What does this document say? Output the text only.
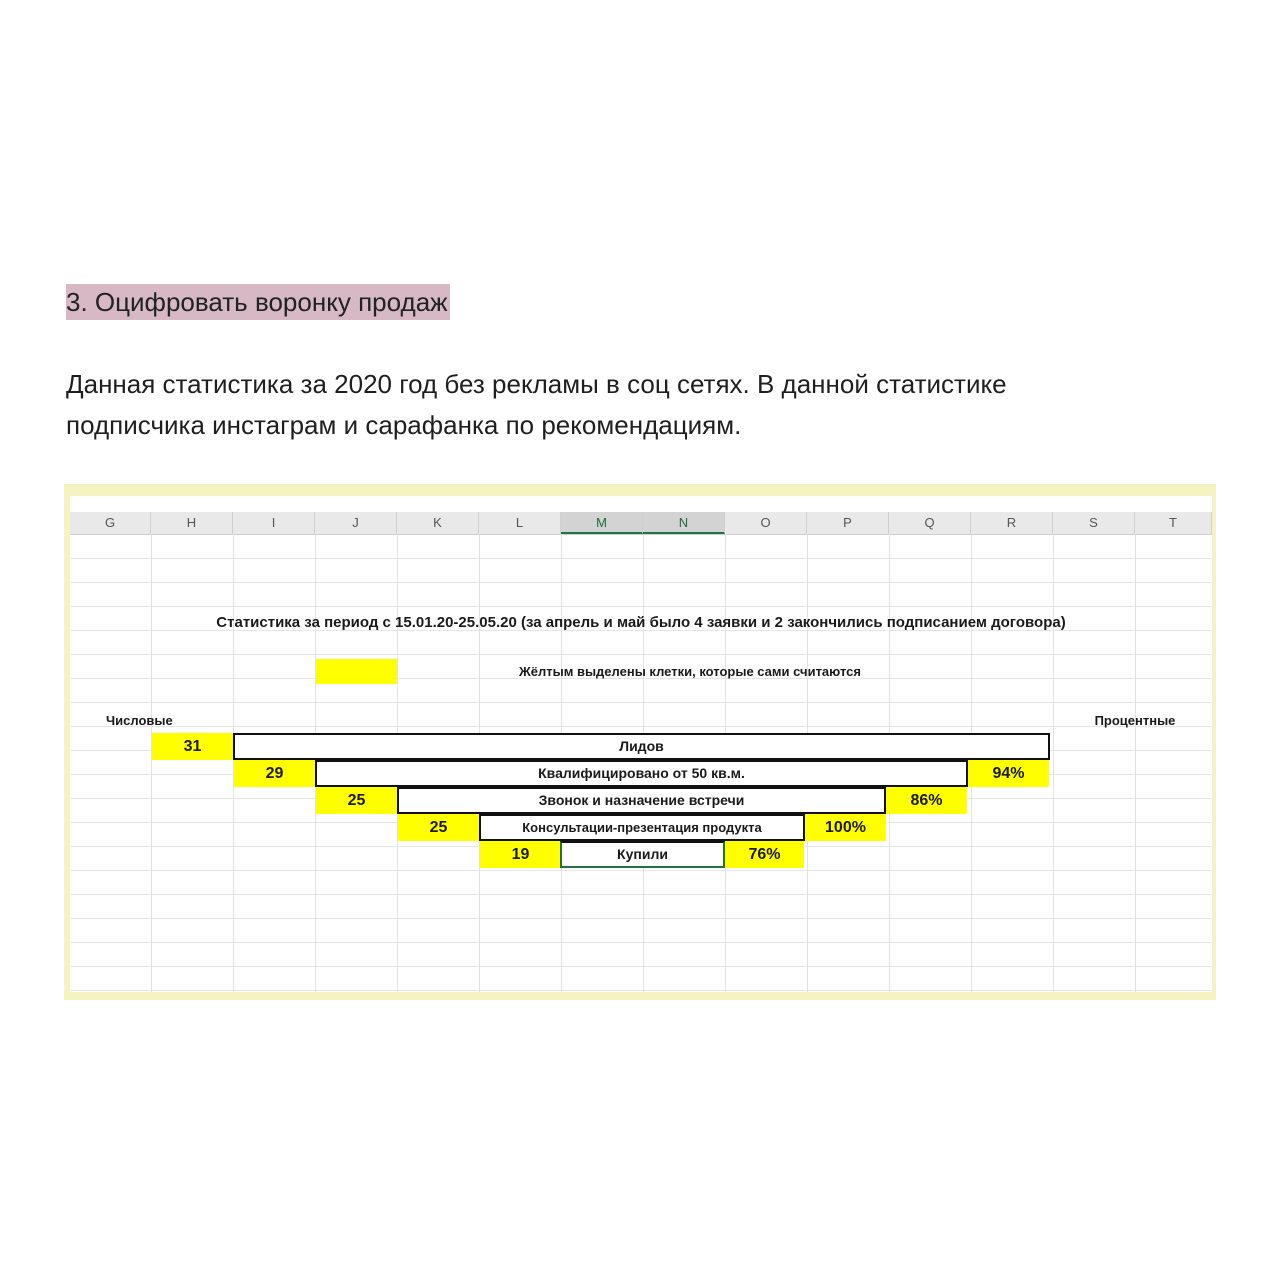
3. Оцифровать воронку продаж
Данная статистика за 2020 год без рекламы в соц сетях. В данной статистике
подписчика инстаграм и сарафанка по рекомендациям.
G	H	I	J	K	L	M	N	O	P	Q	R	S	T
Статистика за период с 15.01.20-25.05.20 (за апрель и май было 4 заявки и 2 закончились подписанием договора)
Жёлтым выделены клетки, которые сами считаются
Числовые	Процентные
31	Лидов
29	Квалифицировано от 50 кв.м.	94%
25	Звонок и назначение встречи	86%
25	Консультации-презентация продукта	100%
19	Купили	76%
